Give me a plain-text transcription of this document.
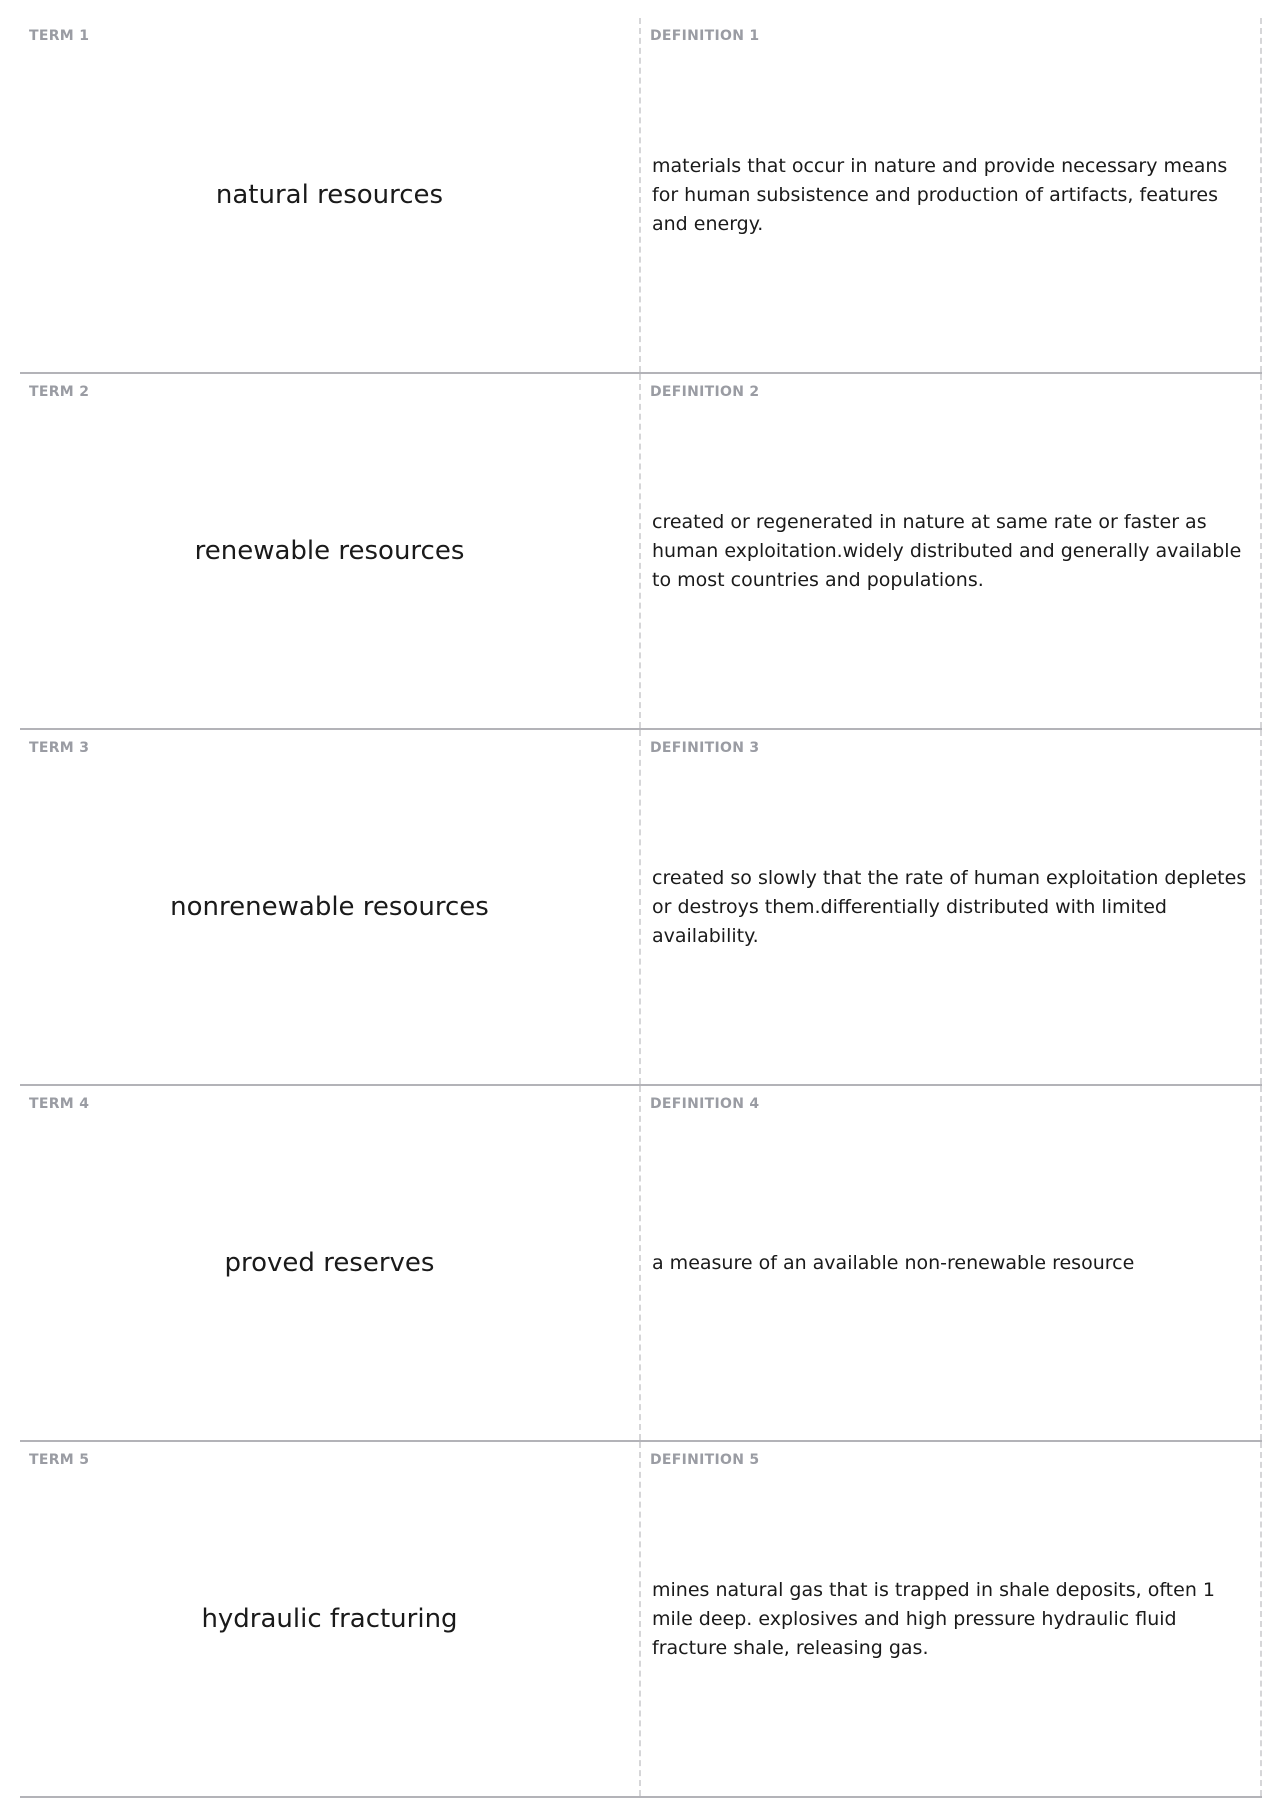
TERM 1
natural resources
DEFINITION 1
materials that occur in nature and provide necessary means for human subsistence and production of artifacts, features and energy.
TERM 2
renewable resources
DEFINITION 2
created or regenerated in nature at same rate or faster as human exploitation.widely distributed and generally available to most countries and populations.
TERM 3
nonrenewable resources
DEFINITION 3
created so slowly that the rate of human exploitation depletes or destroys them.differentially distributed with limited availability.
TERM 4
proved reserves
DEFINITION 4
a measure of an available non-renewable resource
TERM 5
hydraulic fracturing
DEFINITION 5
mines natural gas that is trapped in shale deposits, often 1 mile deep. explosives and high pressure hydraulic fluid fracture shale, releasing gas.
